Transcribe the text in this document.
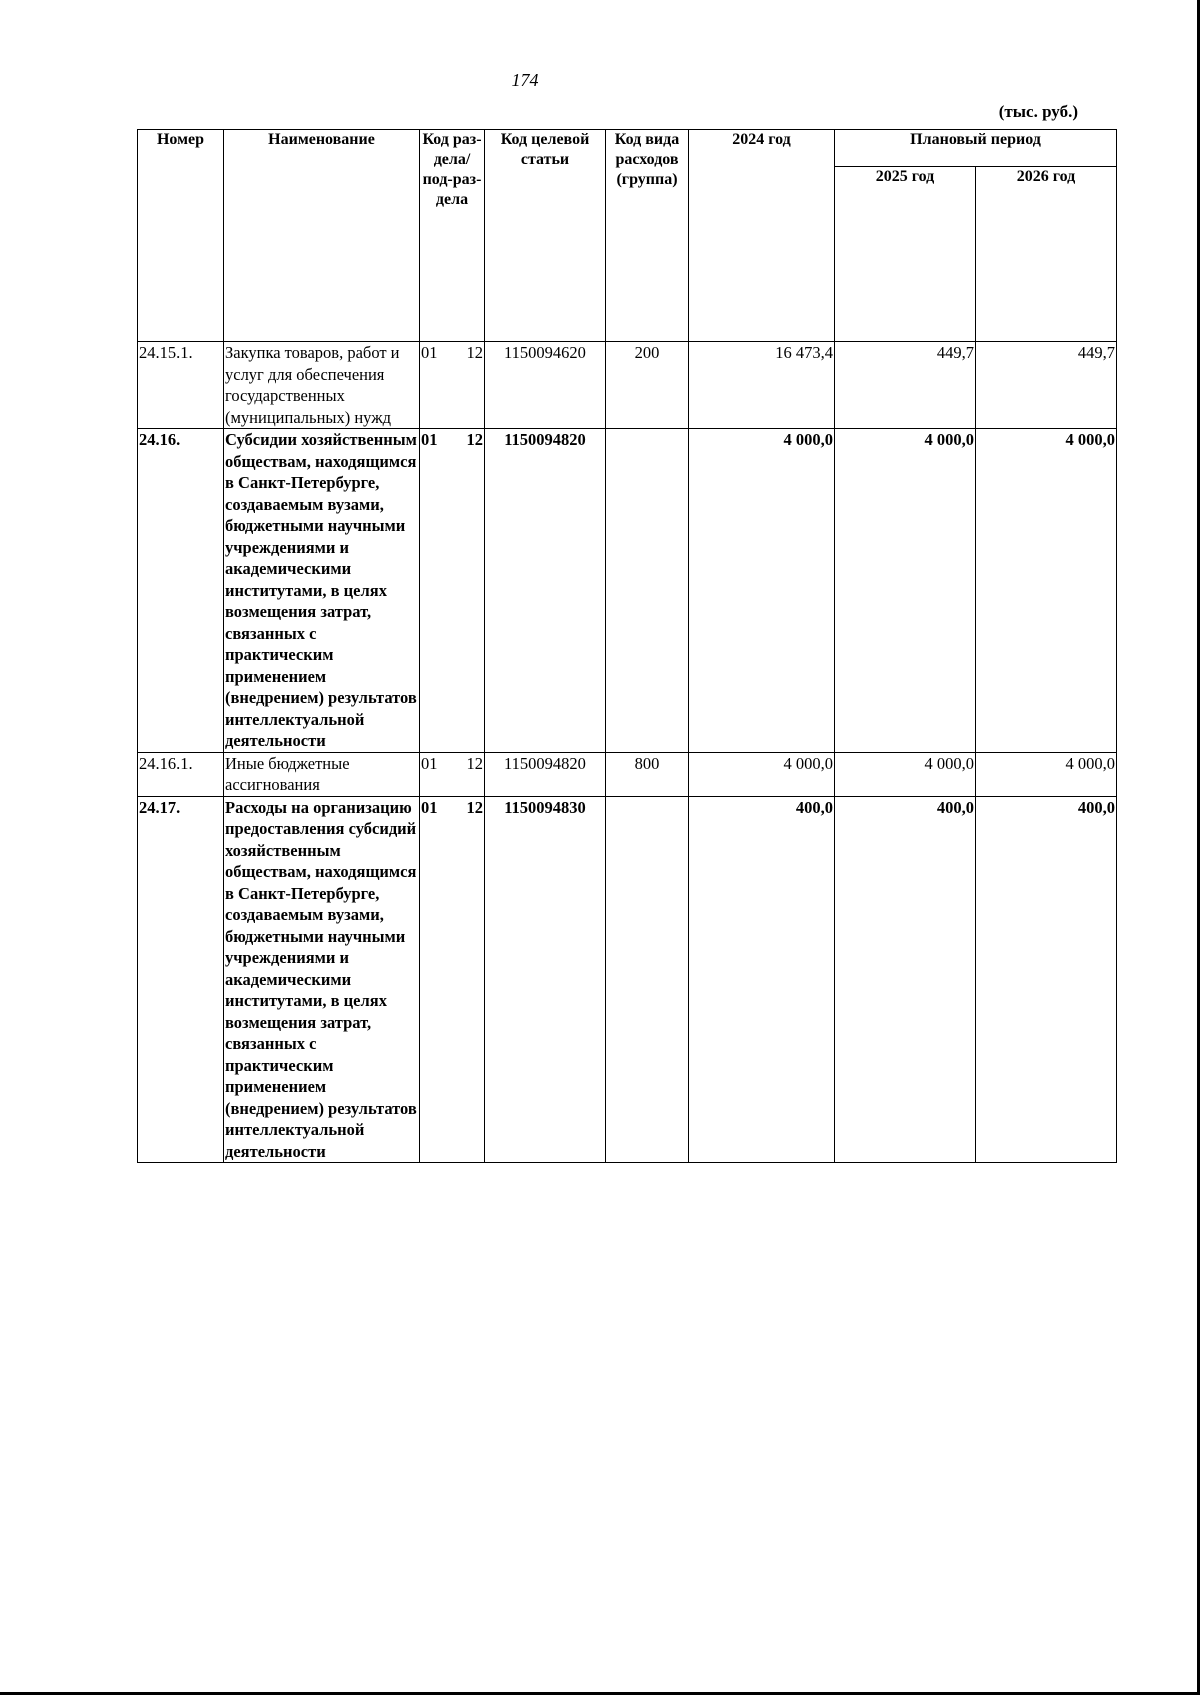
174
(тыс. руб.)
Номер	Наименование	Код раз-дела/ под-раз-дела	Код целевой статьи	Код вида расходов (группа)	2024 год	Плановый период	
						2025 год	2026 год
24.15.1.	Закупка товаров, работ и услуг для обеспечения государственных (муниципальных) нужд	01 12	1150094620	200	16 473,4	449,7	449,7
24.16.	Субсидии хозяйственным обществам, находящимся в Санкт-Петербурге, создаваемым вузами, бюджетными научными учреждениями и академическими институтами, в целях возмещения затрат, связанных с практическим применением (внедрением) результатов интеллектуальной деятельности	01 12	1150094820		4 000,0	4 000,0	4 000,0
24.16.1.	Иные бюджетные ассигнования	01 12	1150094820	800	4 000,0	4 000,0	4 000,0
24.17.	Расходы на организацию предоставления субсидий хозяйственным обществам, находящимся в Санкт-Петербурге, создаваемым вузами, бюджетными научными учреждениями и академическими институтами, в целях возмещения затрат, связанных с практическим применением (внедрением) результатов интеллектуальной деятельности	01 12	1150094830		400,0	400,0	400,0
